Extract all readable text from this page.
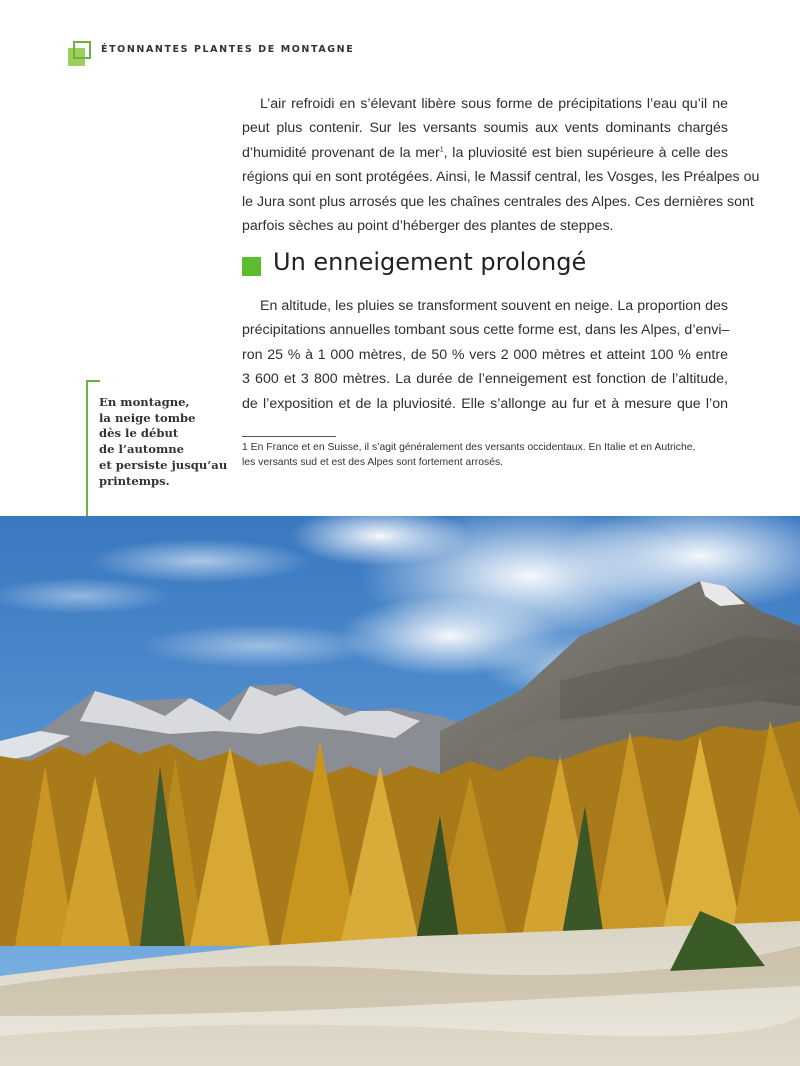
ÉTONNANTES PLANTES DE MONTAGNE
L’air refroidi en s’élevant libère sous forme de précipitations l’eau qu’il ne
peut plus contenir. Sur les versants soumis aux vents dominants chargés
d’humidité provenant de la mer$^1$, la pluviosité est bien supérieure à celle des
régions qui en sont protégées. Ainsi, le Massif central, les Vosges, les Préalpes ou
le Jura sont plus arrosés que les chaînes centrales des Alpes. Ces dernières sont
parfois sèches au point d’héberger des plantes de steppes.
Un enneigement prolongé
En altitude, les pluies se transforment souvent en neige. La proportion des
précipitations annuelles tombant sous cette forme est, dans les Alpes, d’envi–
ron 25 % à 1 000 mètres, de 50 % vers 2 000 mètres et atteint 100 % entre
3 600 et 3 800 mètres. La durée de l’enneigement est fonction de l’altitude,
de l’exposition et de la pluviosité. Elle s’allonge au fur et à mesure que l’on
En montagne,
la neige tombe
dès le début
de l’automne
et persiste jusqu’au
printemps.
1 En France et en Suisse, il s’agit généralement des versants occidentaux. En Italie et en Autriche,
les versants sud et est des Alpes sont fortement arrosés.
